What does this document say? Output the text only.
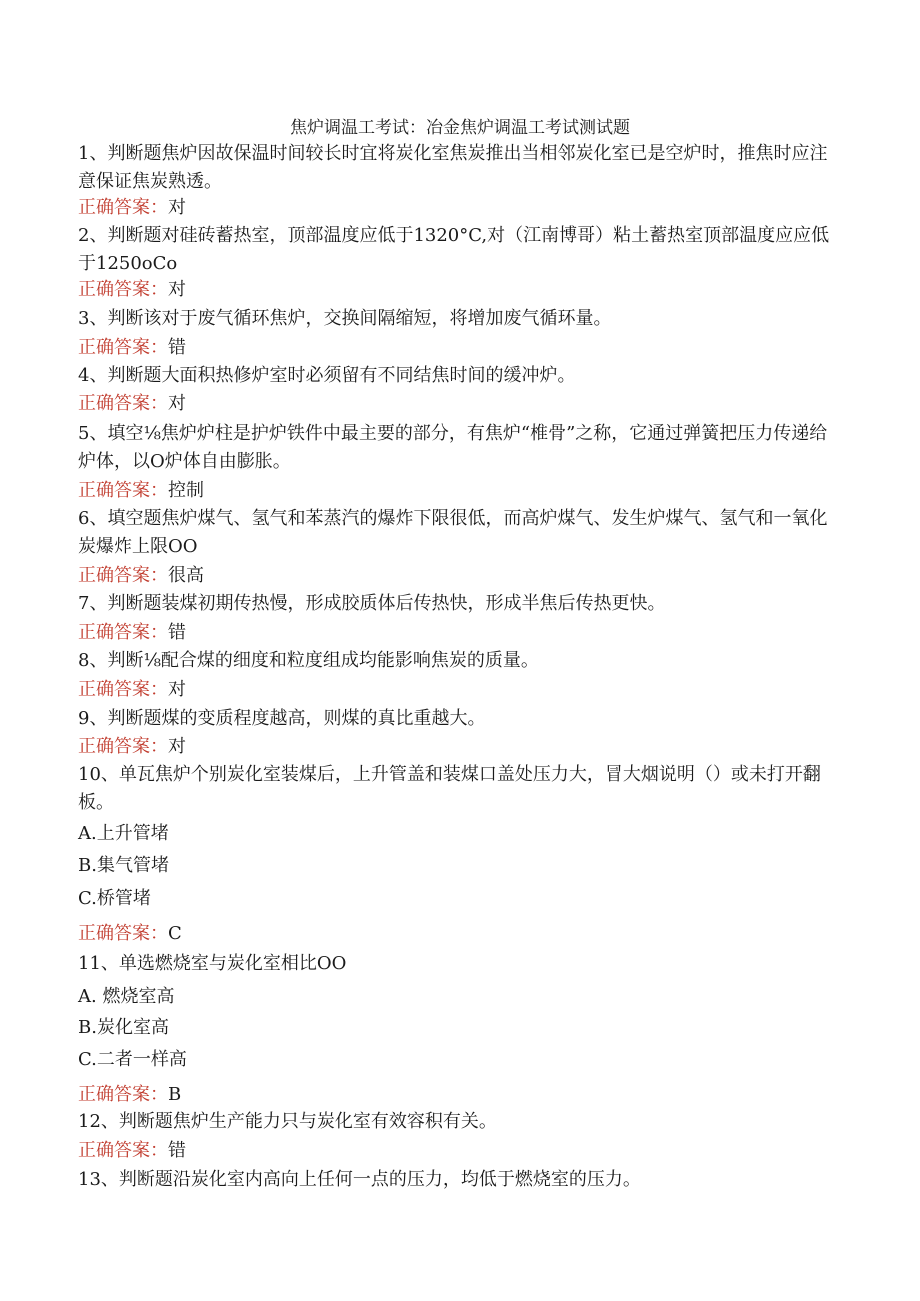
焦炉调温工考试：冶金焦炉调温工考试测试题

1、判断题焦炉因故保温时间较长时宜将炭化室焦炭推出当相邻炭化室已是空炉时，推焦时应注意保证焦炭熟透。

正确答案：对

2、判断题对硅砖蓄热室，顶部温度应低于1320°C,对（江南博哥）粘土蓄热室顶部温度应应低于1250oCo

正确答案：对

3、判断该对于废气循环焦炉，交换间隔缩短，将增加废气循环量。

正确答案：错

4、判断题大面积热修炉室时必须留有不同结焦时间的缓冲炉。

正确答案：对

5、填空⅛焦炉炉柱是护炉铁件中最主要的部分，有焦炉“椎骨”之称，它通过弹簧把压力传递给炉体，以O炉体自由膨胀。

正确答案：控制

6、填空题焦炉煤气、氢气和苯蒸汽的爆炸下限很低，而高炉煤气、发生炉煤气、氢气和一氧化炭爆炸上限OO

正确答案：很高

7、判断题装煤初期传热慢，形成胶质体后传热快，形成半焦后传热更快。

正确答案：错

8、判断⅛配合煤的细度和粒度组成均能影响焦炭的质量。

正确答案：对

9、判断题煤的变质程度越高，则煤的真比重越大。

正确答案：对

10、单瓦焦炉个别炭化室装煤后，上升管盖和装煤口盖处压力大，冒大烟说明（）或未打开翻板。

A.上升管堵

B.集气管堵

C.桥管堵

正确答案：C

11、单选燃烧室与炭化室相比OO

A. 燃烧室高

B.炭化室高

C.二者一样高

正确答案：B

12、判断题焦炉生产能力只与炭化室有效容积有关。

正确答案：错

13、判断题沿炭化室内高向上任何一点的压力，均低于燃烧室的压力。
